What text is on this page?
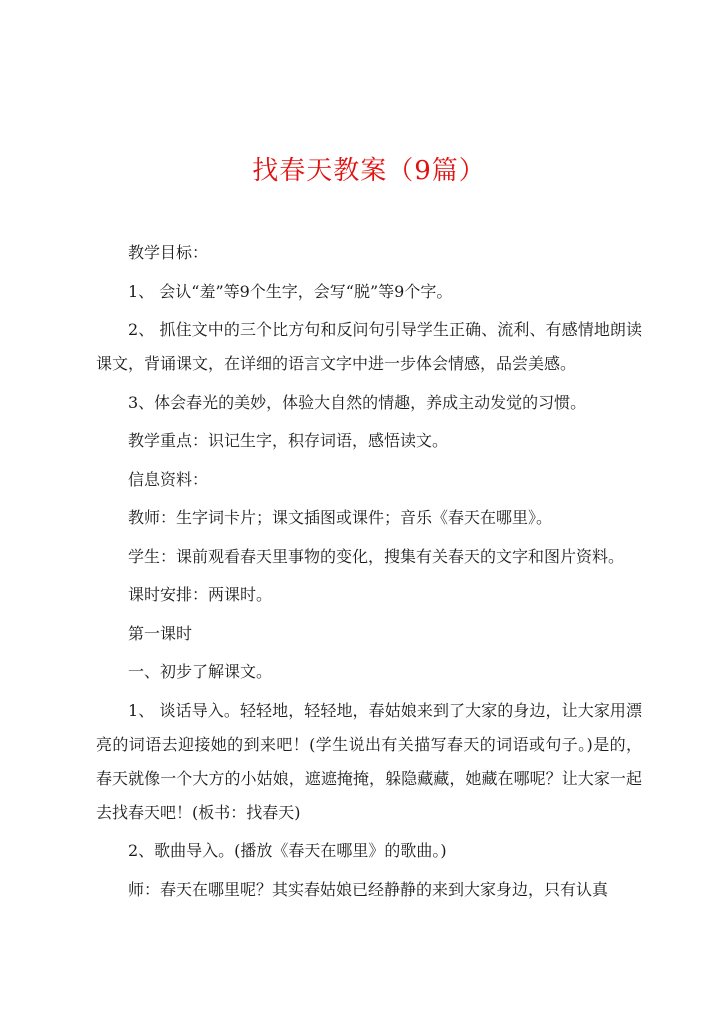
找春天教案（9篇）

教学目标：

1、 会认“羞”等9个生字，会写“脱”等9个字。

2、 抓住文中的三个比方句和反问句引导学生正确、流利、有感情地朗读课文，背诵课文，在详细的语言文字中进一步体会情感，品尝美感。

3、体会春光的美妙，体验大自然的情趣，养成主动发觉的习惯。

教学重点：识记生字，积存词语，感悟读文。

信息资料：

教师：生字词卡片；课文插图或课件；音乐《春天在哪里》。

学生：课前观看春天里事物的变化，搜集有关春天的文字和图片资料。

课时安排：两课时。

第一课时

一、初步了解课文。

1、 谈话导入。轻轻地，轻轻地，春姑娘来到了大家的身边，让大家用漂亮的词语去迎接她的到来吧！(学生说出有关描写春天的词语或句子。)是的，春天就像一个大方的小姑娘，遮遮掩掩，躲隐藏藏，她藏在哪呢？让大家一起去找春天吧！(板书：找春天)

2、歌曲导入。(播放《春天在哪里》的歌曲。)

师：春天在哪里呢？其实春姑娘已经静静的来到大家身边，只有认真
